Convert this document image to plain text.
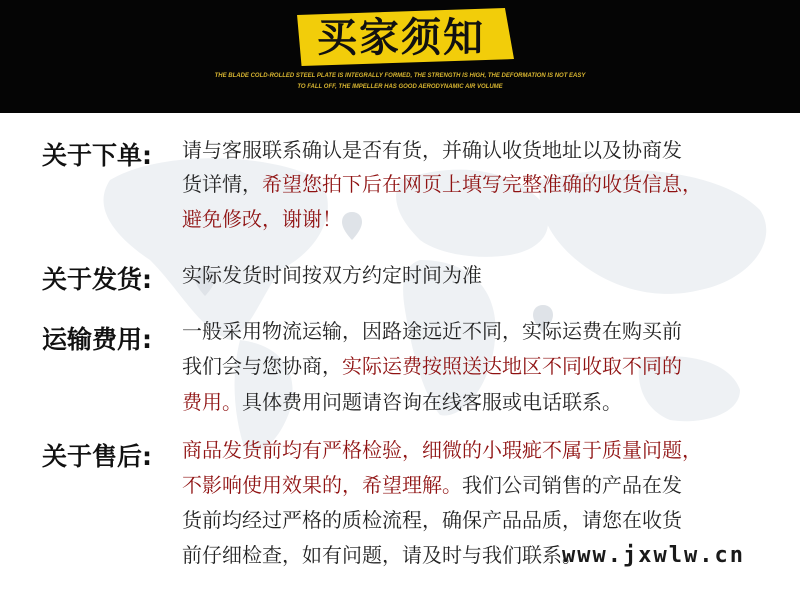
买家须知
THE BLADE COLD-ROLLED STEEL PLATE IS INTEGRALLY FORMED, THE STRENGTH IS HIGH, THE DEFORMATION IS NOT EASY
TO FALL OFF, THE IMPELLER HAS GOOD AERODYNAMIC AIR VOLUME
关于下单: 请与客服联系确认是否有货，并确认收货地址以及协商发
货详情，希望您拍下后在网页上填写完整准确的收货信息，
避免修改，谢谢！
关于发货: 实际发货时间按双方约定时间为准
运输费用: 一般采用物流运输，因路途远近不同，实际运费在购买前
我们会与您协商，实际运费按照送达地区不同收取不同的
费用。具体费用问题请咨询在线客服或电话联系。
关于售后: 商品发货前均有严格检验，细微的小瑕疵不属于质量问题，
不影响使用效果的，希望理解。我们公司销售的产品在发
货前均经过严格的质检流程，确保产品品质，请您在收货
前仔细检查，如有问题，请及时与我们联系。
www.jxwlw.cn
